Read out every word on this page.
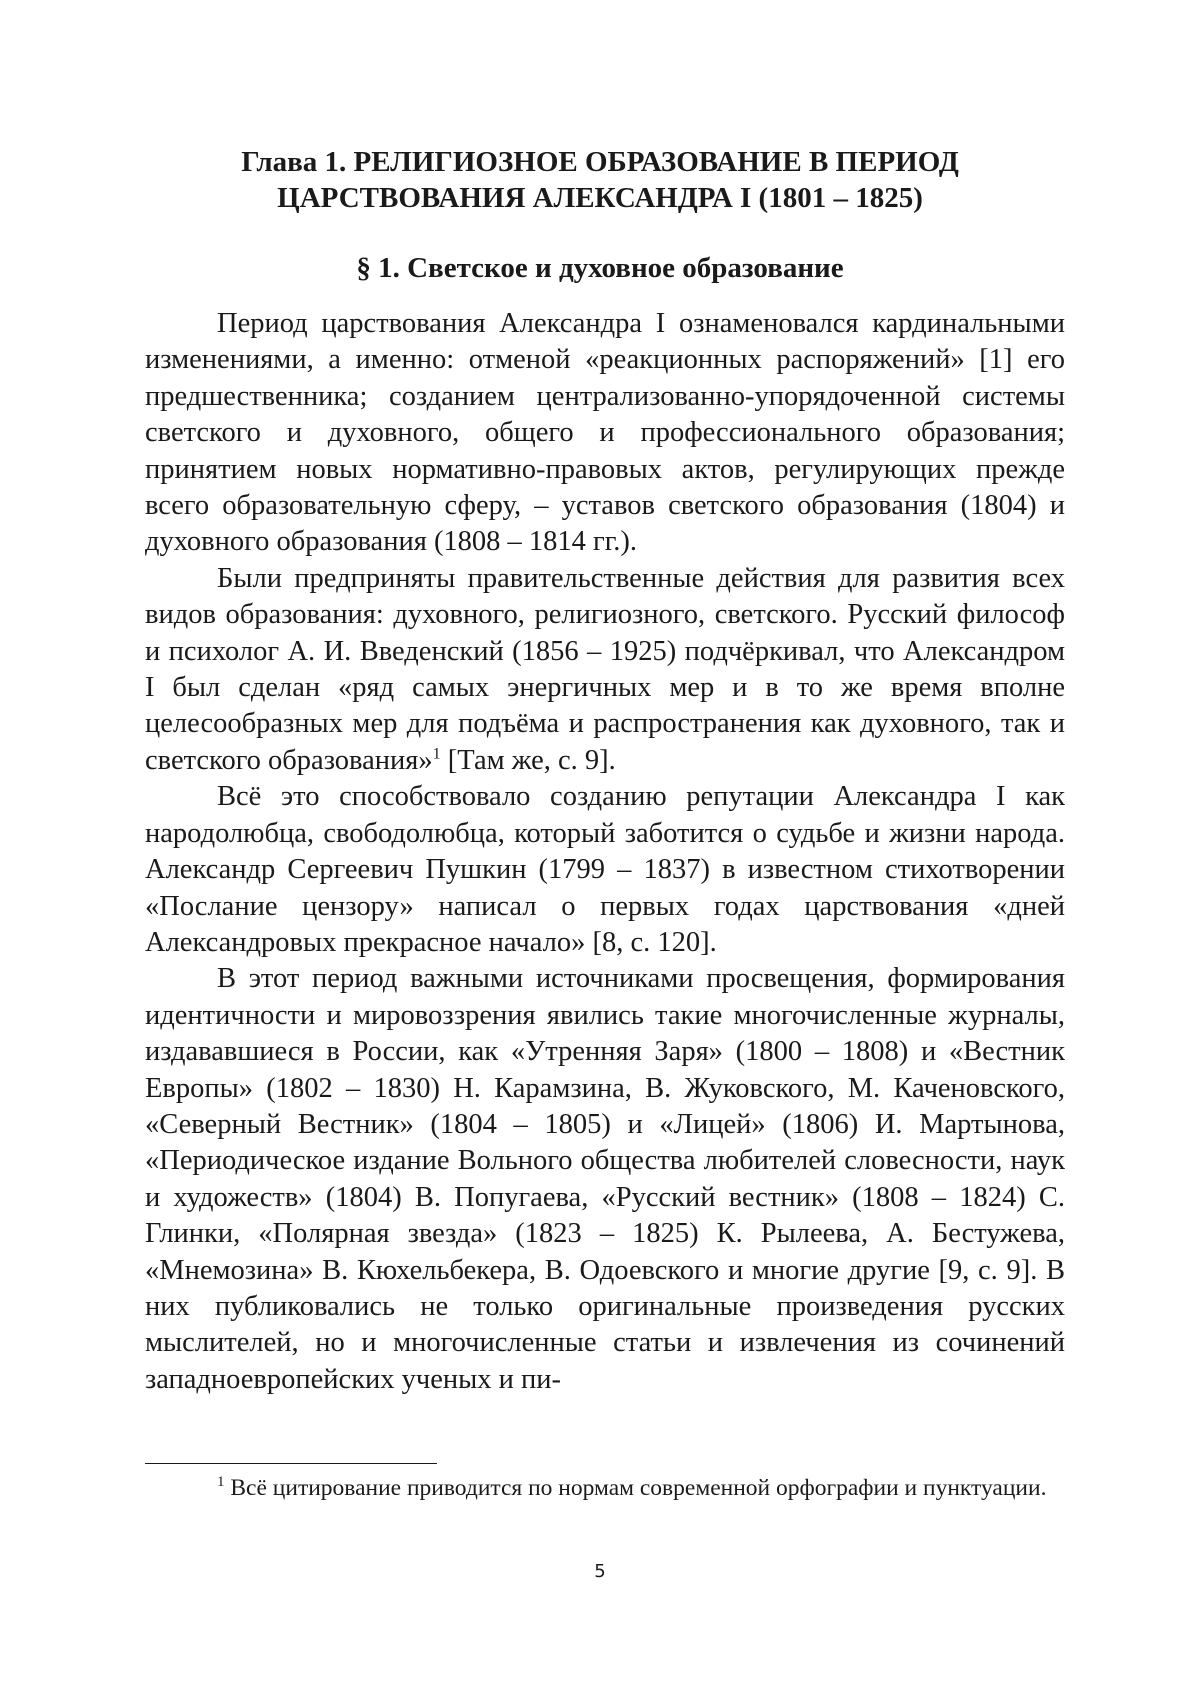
Глава 1. РЕЛИГИОЗНОЕ ОБРАЗОВАНИЕ В ПЕРИОД
ЦАРСТВОВАНИЯ АЛЕКСАНДРА I (1801 – 1825)
§ 1. Светское и духовное образование

Период царствования Александра I ознаменовался кардинальными изменениями, а именно: отменой «реакционных распоряжений» [1] его предшественника; созданием централизованно-упорядоченной системы светского и духовного, общего и профессионального образования; принятием новых нормативно-правовых актов, регулирующих прежде всего образовательную сферу, – уставов светского образования (1804) и духовного образования (1808 – 1814 гг.).

Были предприняты правительственные действия для развития всех видов образования: духовного, религиозного, светского. Русский философ и психолог А. И. Введенский (1856 – 1925) подчёркивал, что Александром I был сделан «ряд самых энергичных мер и в то же время вполне целесообразных мер для подъёма и распространения как духовного, так и светского образования»$^1$ [Там же, с. 9].

Всё это способствовало созданию репутации Александра I как народолюбца, свободолюбца, который заботится о судьбе и жизни народа. Александр Сергеевич Пушкин (1799 – 1837) в известном стихотворении «Послание цензору» написал о первых годах царствования «дней Александровых прекрасное начало» [8, с. 120].

В этот период важными источниками просвещения, формирования идентичности и мировоззрения явились такие многочисленные журналы, издававшиеся в России, как «Утренняя Заря» (1800 – 1808) и «Вестник Европы» (1802 – 1830) Н. Карамзина, В. Жуковского, М. Каченовского, «Северный Вестник» (1804 – 1805) и «Лицей» (1806) И. Мартынова, «Периодическое издание Вольного общества любителей словесности, наук и художеств» (1804) В. Попугаева, «Русский вестник» (1808 – 1824) С. Глинки, «Полярная звезда» (1823 – 1825) К. Рылеева, А. Бестужева, «Мнемозина» В. Кюхельбекера, В. Одоевского и многие другие [9, с. 9]. В них публиковались не только оригинальные произведения русских мыслителей, но и многочисленные статьи и извлечения из сочинений западноевропейских ученых и пи-

$^1$ Всё цитирование приводится по нормам современной орфографии и пунктуации.

5
